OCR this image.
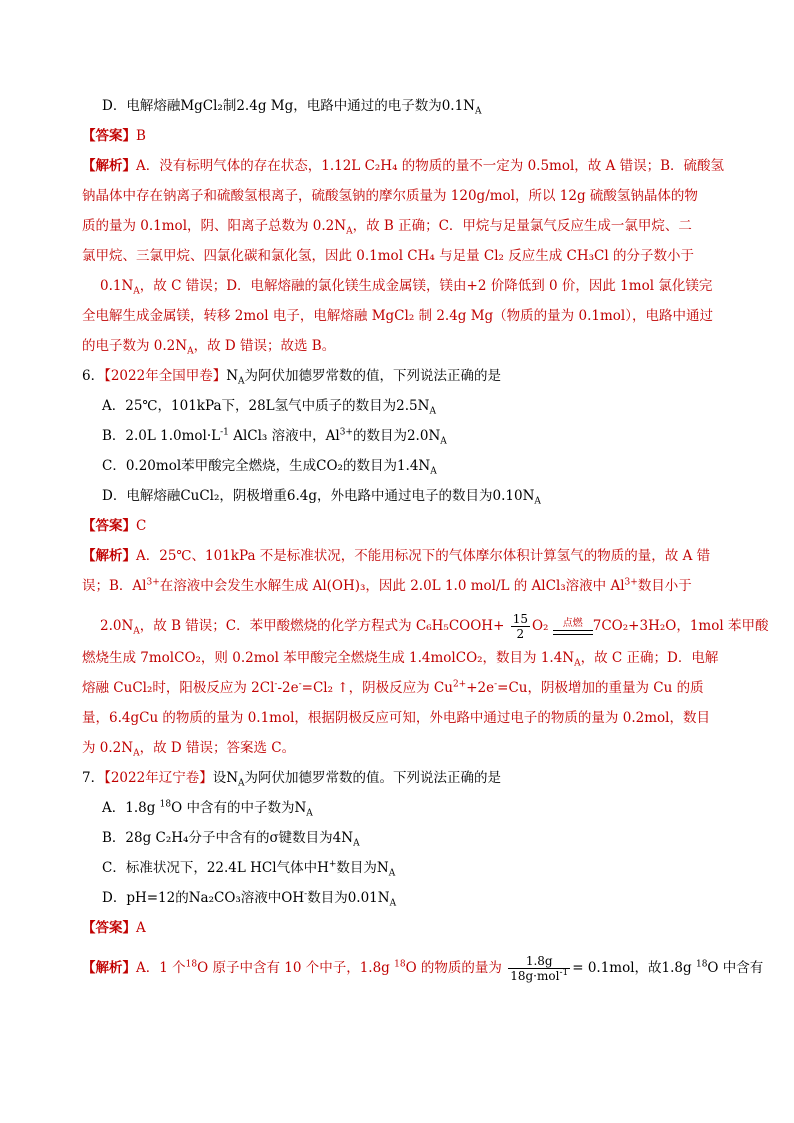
D．电解熔融MgCl₂制2.4g Mg，电路中通过的电子数为$0.1N_A$
【答案】B
【解析】A．没有标明气体的存在状态，1.12L C₂H₄ 的物质的量不一定为 0.5mol，故 A 错误；B．硫酸氢
钠晶体中存在钠离子和硫酸氢根离子，硫酸氢钠的摩尔质量为 120g/mol，所以 12g 硫酸氢钠晶体的物
质的量为 0.1mol，阴、阳离子总数为 $0.2N_A$，故 B 正确；C．甲烷与足量氯气反应生成一氯甲烷、二
氯甲烷、三氯甲烷、四氯化碳和氯化氢，因此 0.1mol CH₄ 与足量 Cl₂ 反应生成 CH₃Cl 的分子数小于
$0.1N_A$，故 C 错误；D．电解熔融的氯化镁生成金属镁，镁由+2 价降低到 0 价，因此 1mol 氯化镁完
全电解生成金属镁，转移 2mol 电子，电解熔融 MgCl₂ 制 2.4g Mg（物质的量为 0.1mol），电路中通过
的电子数为 $0.2N_A$，故 D 错误；故选 B。
6．【2022年全国甲卷】$N_A$为阿伏加德罗常数的值，下列说法正确的是
A．25℃，101kPa下，28L氢气中质子的数目为$2.5N_A$
B．2.0L $1.0mol\cdot L^{-1}$ AlCl₃ 溶液中，$Al^{3+}$的数目为$2.0N_A$
C．0.20mol苯甲酸完全燃烧，生成CO₂的数目为$1.4N_A$
D．电解熔融CuCl₂，阴极增重6.4g，外电路中通过电子的数目为$0.10N_A$
【答案】C
【解析】A．25℃、101kPa 不是标准状况，不能用标况下的气体摩尔体积计算氢气的物质的量，故 A 错
误；B．$Al^{3+}$在溶液中会发生水解生成 Al(OH)₃，因此 2.0L 1.0 mol/L 的 AlCl₃溶液中 $Al^{3+}$数目小于
$2.0N_A$，故 B 错误；C．苯甲酸燃烧的化学方程式为 C₆H₅COOH+ $\frac{15}{2} O_2$	点燃 7CO₂+3H₂O，1mol 苯甲酸
燃烧生成 7molCO₂，则 0.2mol 苯甲酸完全燃烧生成 1.4molCO₂，数目为 $1.4N_A$，故 C 正确；D．电解
熔融 CuCl₂时，阳极反应为 2Cl--2e-=Cl₂ ↑，阴极反应为 $Cu^{2+}+2e^-=Cu$，阴极增加的重量为 Cu 的质
量，6.4gCu 的物质的量为 0.1mol，根据阴极反应可知，外电路中通过电子的物质的量为 0.2mol，数目
为 $0.2N_A$，故 D 错误；答案选 C。
7．【2022年辽宁卷】设$N_A$为阿伏加德罗常数的值。下列说法正确的是
A．1.8g $^{18}$O 中含有的中子数为$N_A$
B．28g C₂H₄分子中含有的σ键数目为$4N_A$
C．标准状况下，22.4L HCl气体中H+数目为$N_A$
D．pH=12的Na₂CO₃溶液中OH-数目为$0.01N_A$
【答案】A
【解析】A．1 个$^{18}$O 原子中含有 10 个中子，1.8g $^{18}$O 的物质的量为 $\frac{1.8g}{18g\cdot mol^{-1}} = 0.1mol$，故1.8g $^{18}$O 中含有
